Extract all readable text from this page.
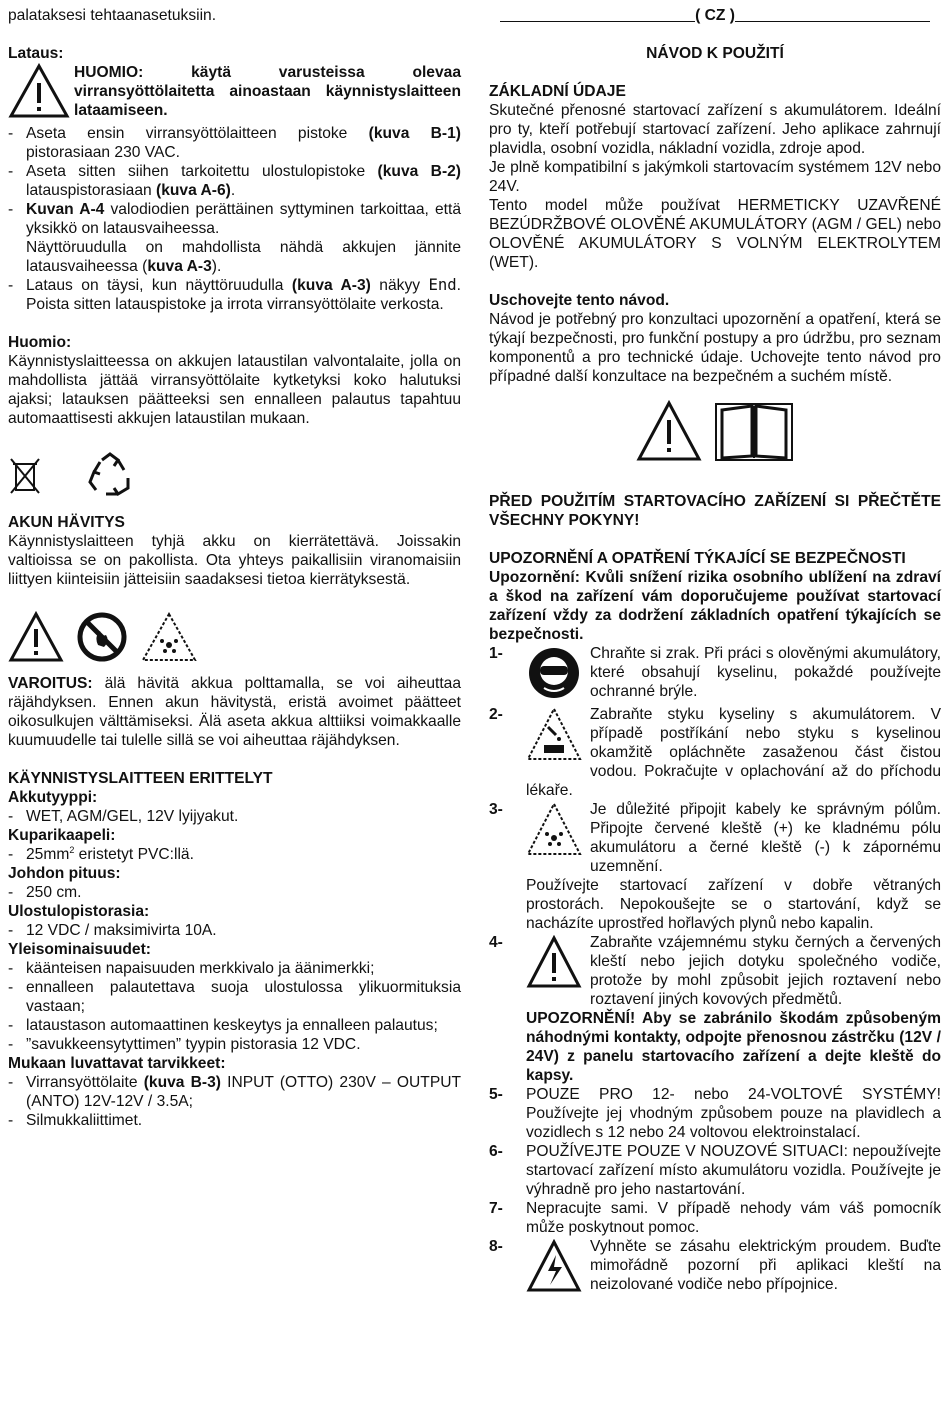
palataksesi tehtaanasetuksiin.

Lataus:

HUOMIO: käytä varusteissa olevaa virransyöttölaitetta ainoastaan käynnistyslaitteen lataamiseen.
- Aseta ensin virransyöttölaitteen pistoke (kuva B-1) pistorasiaan 230 VAC.
- Aseta sitten siihen tarkoitettu ulostulopistoke (kuva B-2) latauspistorasiaan (kuva A-6).
- Kuvan A-4 valodiodien perättäinen syttyminen tarkoittaa, että yksikkö on latausvaiheessa.
Näyttöruudulla on mahdollista nähdä akkujen jännite latausvaiheessa (kuva A-3).
- Lataus on täysi, kun näyttöruudulla (kuva A-3) näkyy End. Poista sitten latauspistoke ja irrota virransyöttölaite verkosta.

Huomio:

Käynnistyslaitteessa on akkujen lataustilan valvontalaite, jolla on mahdollista jättää virransyöttölaite kytketyksi koko halutuksi ajaksi; latauksen päätteeksi sen ennalleen palautus tapahtuu automaattisesti akkujen lataustilan mukaan.

AKUN HÄVITYS

Käynnistyslaitteen tyhjä akku on kierrätettävä. Joissakin valtioissa se on pakollista. Ota yhteys paikallisiin viranomaisiin liittyen kiinteisiin jätteisiin saadaksesi tietoa kierrätyksestä.

VAROITUS: älä hävitä akkua polttamalla, se voi aiheuttaa räjähdyksen. Ennen akun hävitystä, eristä avoimet päätteet oikosulkujen välttämiseksi. Älä aseta akkua alttiiksi voimakkaalle kuumuudelle tai tulelle sillä se voi aiheuttaa räjähdyksen.

KÄYNNISTYSLAITTEEN ERITTELYT

Akkutyyppi:

- WET, AGM/GEL, 12V lyijyakut.

Kuparikaapeli:

- $25mm^2$ eristetyt PVC:llä.

Johdon pituus:

- 250 cm.

Ulostulopistorasia:

- 12 VDC / maksimivirta 10A.

Yleisominaisuudet:

- käänteisen napaisuuden merkkivalo ja äänimerkki;
- ennalleen palautettava suoja ulostulossa ylikuormituksia vastaan;
- lataustason automaattinen keskeytys ja ennalleen palautus;
- ”savukkeensytyttimen” tyypin pistorasia 12 VDC.

Mukaan luvattavat tarvikkeet:

- Virransyöttölaite (kuva B-3) INPUT (OTTO) 230V – OUTPUT (ANTO) 12V-12V / 3.5A;
- Silmukkaliittimet.
( CZ )

NÁVOD K POUŽITÍ

ZÁKLADNÍ ÚDAJE

Skutečné přenosné startovací zařízení s akumulátorem. Ideální pro ty, kteří potřebují startovací zařízení. Jeho aplikace zahrnují plavidla, osobní vozidla, nákladní vozidla, zdroje apod.

Je plně kompatibilní s jakýmkoli startovacím systémem 12V nebo 24V.

Tento model může používat HERMETICKY UZAVŘENÉ BEZÚDRŽBOVÉ OLOVĚNÉ AKUMULÁTORY (AGM / GEL) nebo OLOVĚNÉ AKUMULÁTORY S VOLNÝM ELEKTROLYTEM (WET).

Uschovejte tento návod.

Návod je potřebný pro konzultaci upozornění a opatření, která se týkají bezpečnosti, pro funkční postupy a pro údržbu, pro seznam komponentů a pro technické údaje. Uchovejte tento návod pro případné další konzultace na bezpečném a suchém místě.

PŘED POUŽITÍM STARTOVACÍHO ZAŘÍZENÍ SI PŘEČTĚTE VŠECHNY POKYNY!

UPOZORNĚNÍ A OPATŘENÍ TÝKAJÍCÍ SE BEZPEČNOSTI

Upozornění: Kvůli snížení rizika osobního ublížení na zdraví a škod na zařízení vám doporučujeme používat startovací zařízení vždy za dodržení základních opatření týkajících se bezpečnosti.

1-	Chraňte si zrak. Při práci s olověnými akumulátory, které obsahují kyselinu, pokaždé používejte ochranné brýle.
2-	Zabraňte styku kyseliny s akumulátorem. V případě postříkání nebo styku s kyselinou okamžitě opláchněte zasaženou část čistou vodou. Pokračujte v oplachování až do příchodu lékaře.
3-	Je důležité připojit kabely ke správným pólům. Připojte červené kleště (+) ke kladnému pólu akumulátoru a černé kleště (-) k zápornému uzemnění.
Používejte startovací zařízení v dobře větraných prostorách. Nepokoušejte se o startování, když se nacházíte uprostřed hořlavých plynů nebo kapalin.
4-	Zabraňte vzájemnému styku černých a červených kleští nebo jejich dotyku společného vodiče, protože by mohl způsobit jejich roztavení nebo roztavení jiných kovových předmětů.
UPOZORNĚNÍ! Aby se zabránilo škodám způsobeným náhodnými kontakty, odpojte přenosnou zástrčku (12V / 24V) z panelu startovacího zařízení a dejte kleště do kapsy.
5-	POUZE PRO 12- nebo 24-VOLTOVÉ SYSTÉMY! Používejte jej vhodným způsobem pouze na plavidlech a vozidlech s 12 nebo 24 voltovou elektroinstalací.
6-	POUŽÍVEJTE POUZE V NOUZOVÉ SITUACI: nepoužívejte startovací zařízení místo akumulátoru vozidla. Používejte je výhradně pro jeho nastartování.
7-	Nepracujte sami. V případě nehody vám váš pomocník může poskytnout pomoc.
8-	Vyhněte se zásahu elektrickým proudem. Buďte mimořádně pozorní při aplikaci kleští na neizolované vodiče nebo přípojnice.
